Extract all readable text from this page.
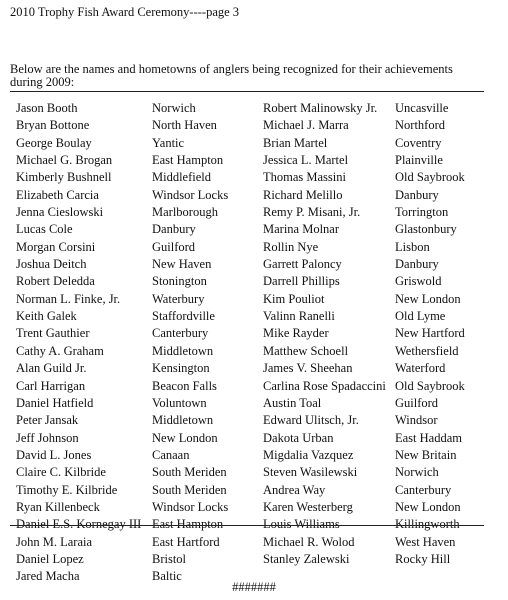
2010 Trophy Fish Award Ceremony----page 3
Below are the names and hometowns of anglers being recognized for their achievements during 2009:
Jason Booth
Bryan Bottone
George Boulay
Michael G. Brogan
Kimberly Bushnell
Elizabeth Carcia
Jenna Cieslowski
Lucas Cole
Morgan Corsini
Joshua Deitch
Robert Deledda
Norman L. Finke, Jr.
Keith Galek
Trent Gauthier
Cathy A. Graham
Alan Guild Jr.
Carl Harrigan
Daniel Hatfield
Peter Jansak
Jeff Johnson
David L. Jones
Claire C. Kilbride
Timothy E. Kilbride
Ryan Killenbeck
Daniel E.S. Kornegay III
John M. Laraia
Daniel Lopez
Jared Macha
Norwich
North Haven
Yantic
East Hampton
Middlefield
Windsor Locks
Marlborough
Danbury
Guilford
New Haven
Stonington
Waterbury
Staffordville
Canterbury
Middletown
Kensington
Beacon Falls
Voluntown
Middletown
New London
Canaan
South Meriden
South Meriden
Windsor Locks
East Hampton
East Hartford
Bristol
Baltic
Robert Malinowsky Jr.
Michael J. Marra
Brian Martel
Jessica L. Martel
Thomas Massini
Richard Melillo
Remy P. Misani, Jr.
Marina Molnar
Rollin Nye
Garrett Paloncy
Darrell Phillips
Kim Pouliot
Valinn Ranelli
Mike Rayder
Matthew Schoell
James V. Sheehan
Carlina Rose Spadaccini
Austin Toal
Edward Ulitsch, Jr.
Dakota Urban
Migdalia Vazquez
Steven Wasilewski
Andrea Way
Karen Westerberg
Louis Williams
Michael R. Wolod
Stanley Zalewski
Uncasville
Northford
Coventry
Plainville
Old Saybrook
Danbury
Torrington
Glastonbury
Lisbon
Danbury
Griswold
New London
Old Lyme
New Hartford
Wethersfield
Waterford
Old Saybrook
Guilford
Windsor
East Haddam
New Britain
Norwich
Canterbury
New London
Killingworth
West Haven
Rocky Hill
#######
